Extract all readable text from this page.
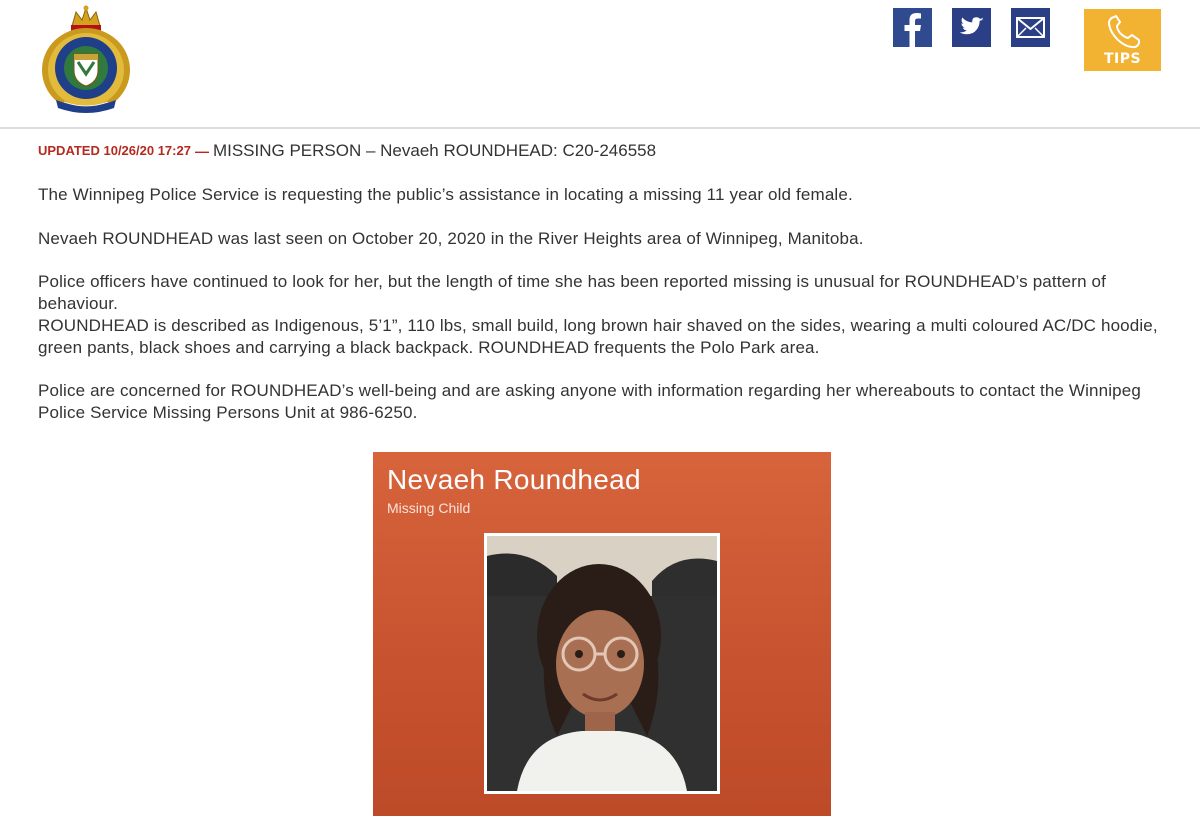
TIPS
UPDATED 10/26/20 17:27 — MISSING PERSON – Nevaeh ROUNDHEAD: C20-246558

The Winnipeg Police Service is requesting the public’s assistance in locating a missing 11 year old female.

Nevaeh ROUNDHEAD was last seen on October 20, 2020 in the River Heights area of Winnipeg, Manitoba.

Police officers have continued to look for her, but the length of time she has been reported missing is unusual for ROUNDHEAD’s pattern of behaviour.

ROUNDHEAD is described as Indigenous, 5’1”, 110 lbs, small build, long brown hair shaved on the sides, wearing a multi coloured AC/DC hoodie, green pants, black shoes and carrying a black backpack. ROUNDHEAD frequents the Polo Park area.

Police are concerned for ROUNDHEAD’s well-being and are asking anyone with information regarding her whereabouts to contact the Winnipeg Police Service Missing Persons Unit at 986-6250.

Nevaeh Roundhead
Missing Child
